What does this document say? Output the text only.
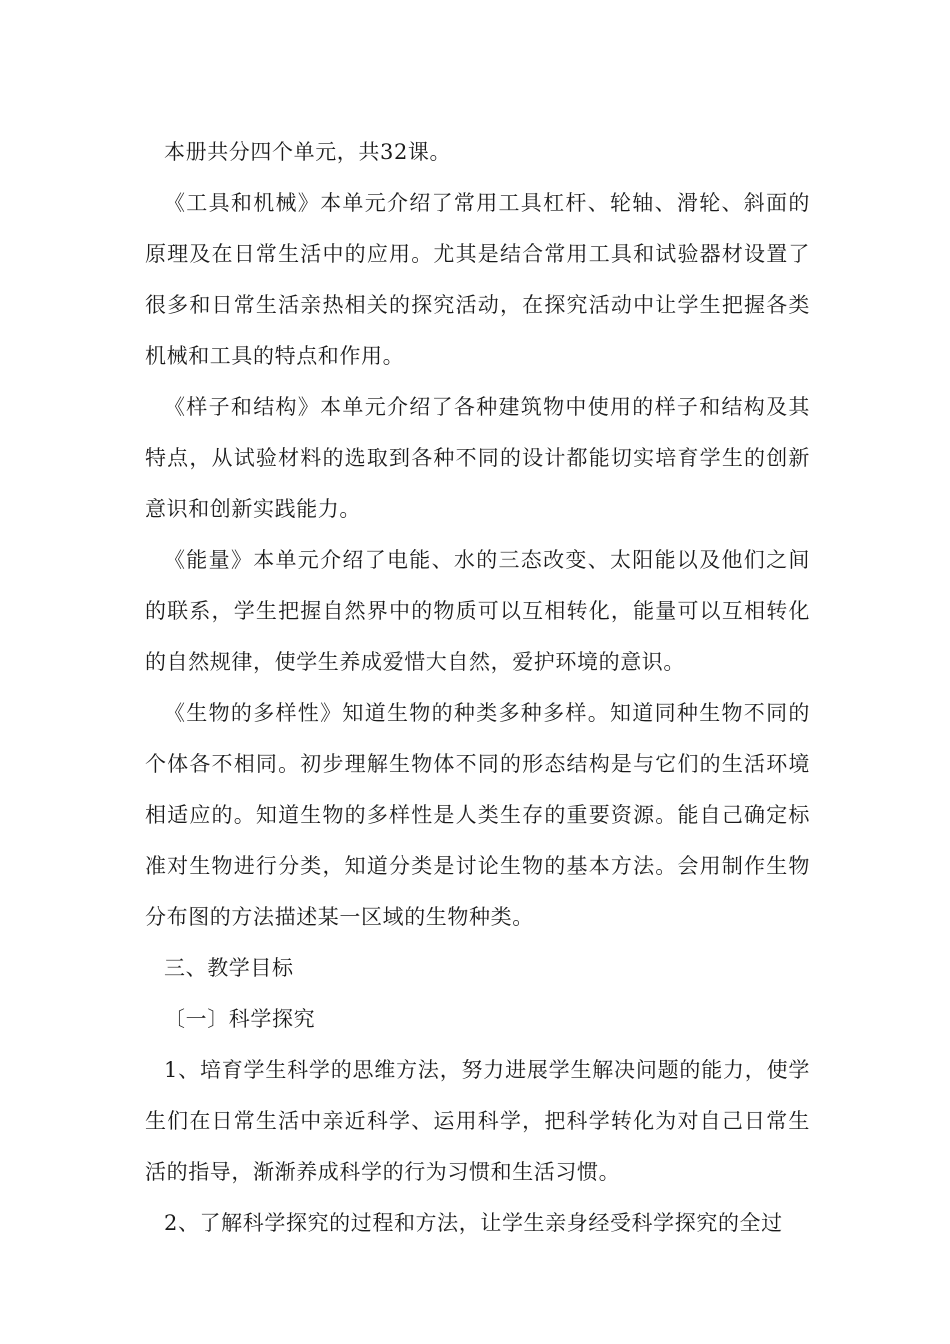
本册共分四个单元，共32课。

《工具和机械》本单元介绍了常用工具杠杆、轮轴、滑轮、斜面的原理及在日常生活中的应用。尤其是结合常用工具和试验器材设置了很多和日常生活亲热相关的探究活动，在探究活动中让学生把握各类机械和工具的特点和作用。

《样子和结构》本单元介绍了各种建筑物中使用的样子和结构及其特点，从试验材料的选取到各种不同的设计都能切实培育学生的创新意识和创新实践能力。

《能量》本单元介绍了电能、水的三态改变、太阳能以及他们之间的联系，学生把握自然界中的物质可以互相转化，能量可以互相转化的自然规律，使学生养成爱惜大自然，爱护环境的意识。

《生物的多样性》知道生物的种类多种多样。知道同种生物不同的个体各不相同。初步理解生物体不同的形态结构是与它们的生活环境相适应的。知道生物的多样性是人类生存的重要资源。能自己确定标准对生物进行分类，知道分类是讨论生物的基本方法。会用制作生物分布图的方法描述某一区域的生物种类。

三、教学目标

〔一〕科学探究

1、培育学生科学的思维方法，努力进展学生解决问题的能力，使学生们在日常生活中亲近科学、运用科学，把科学转化为对自己日常生活的指导，渐渐养成科学的行为习惯和生活习惯。

2、了解科学探究的过程和方法，让学生亲身经受科学探究的全过
